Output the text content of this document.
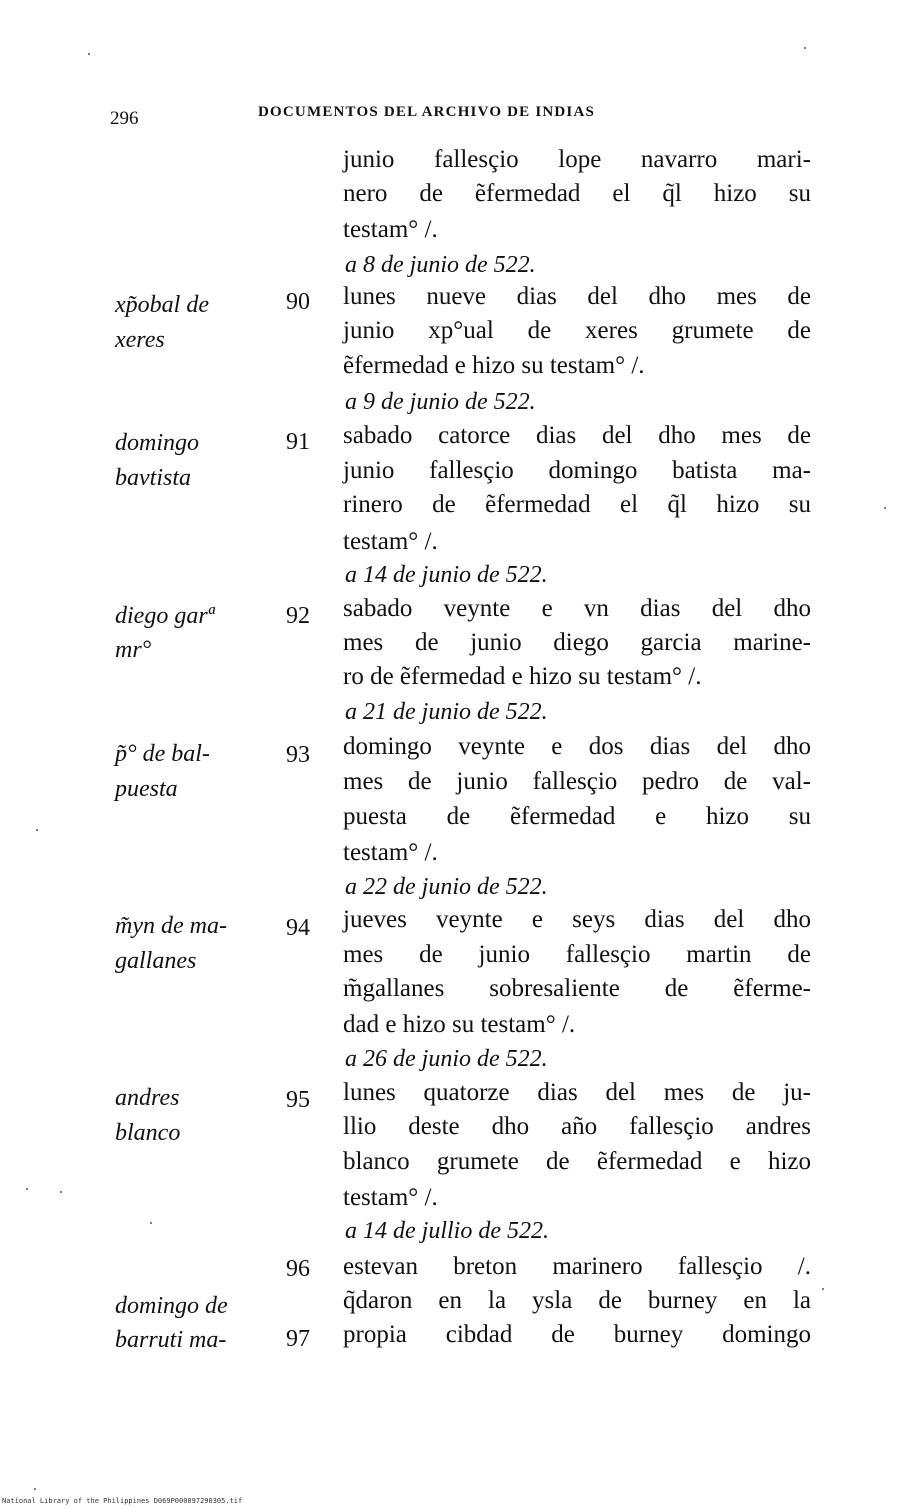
296	DOCUMENTOS DEL ARCHIVO DE INDIAS
junio fallesçio lope navarro mari-
nero de ẽfermedad el q̃l hizo su
testam° /.
lunes nueve dias del dho mes de
junio xp°ual de xeres grumete de
ẽfermedad e hizo su testam° /.
sabado catorce dias del dho mes de
junio fallesçio domingo batista ma-
rinero de ẽfermedad el q̃l hizo su
testam° /.
sabado veynte e vn dias del dho
mes de junio diego garcia marine-
ro de ẽfermedad e hizo su testam° /.
domingo veynte e dos dias del dho
mes de junio fallesçio pedro de val-
puesta de ẽfermedad e hizo su
testam° /.
jueves veynte e seys dias del dho
mes de junio fallesçio martin de
m̃gallanes sobresaliente de ẽferme-
dad e hizo su testam° /.
lunes quatorze dias del mes de ju-
llio deste dho año fallesçio andres
blanco grumete de ẽfermedad e hizo
testam° /.
estevan breton marinero fallesçio /.
q̃daron en la ysla de burney en la
propia cibdad de burney domingo
a 8 de junio de 522.
a 9 de junio de 522.
a 14 de junio de 522.
a 21 de junio de 522.
a 22 de junio de 522.
a 26 de junio de 522.
a 14 de jullio de 522.
xp̃obal de
xeres
domingo
bavtista
diego garª
mr°
p̃° de bal-
puesta
m̃yn de ma-
gallanes
andres
blanco
domingo de
barruti ma-
90
91
92
93
94
95
96
97
National Library of the Philippines D069P000097290305.tif
